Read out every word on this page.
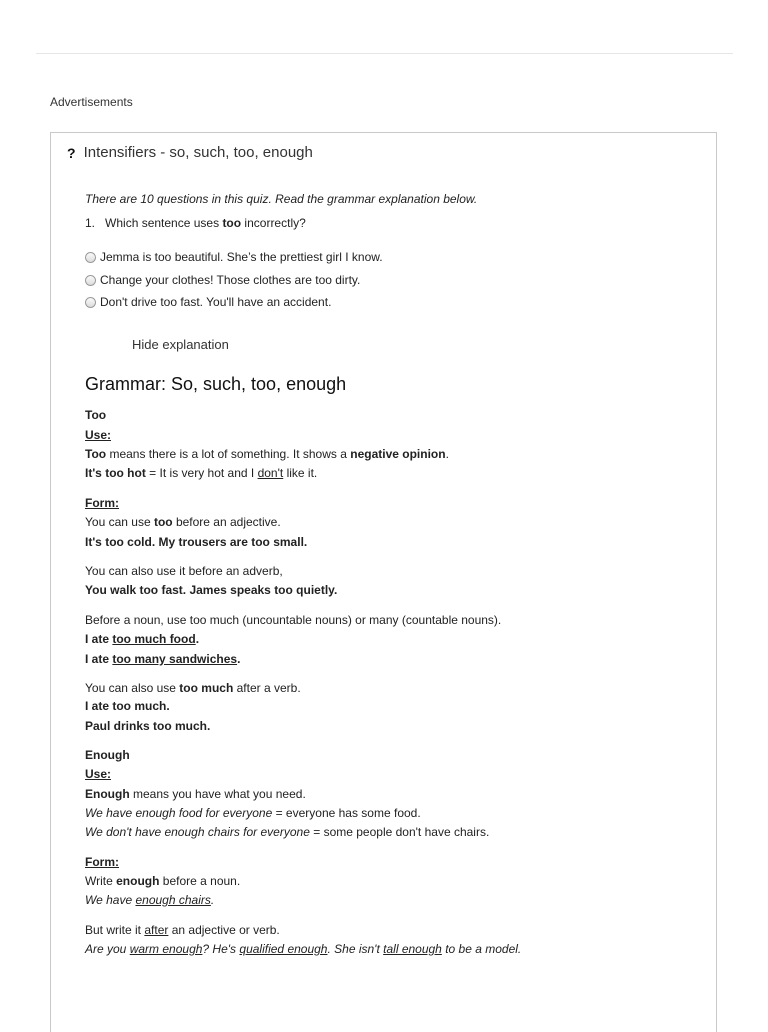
Advertisements
? Intensifiers - so, such, too, enough
There are 10 questions in this quiz. Read the grammar explanation below.
1. Which sentence uses too incorrectly?
Jemma is too beautiful. She’s the prettiest girl I know.
Change your clothes! Those clothes are too dirty.
Don't drive too fast. You'll have an accident.
Hide explanation
Grammar: So, such, too, enough
Too
Use:
Too means there is a lot of something. It shows a negative opinion.
It's too hot = It is very hot and I don't like it.
Form:
You can use too before an adjective.
It's too cold. My trousers are too small.
You can also use it before an adverb,
You walk too fast. James speaks too quietly.
Before a noun, use too much (uncountable nouns) or many (countable nouns).
I ate too much food.
I ate too many sandwiches.
You can also use too much after a verb.
I ate too much.
Paul drinks too much.
Enough
Use:
Enough means you have what you need.
We have enough food for everyone = everyone has some food.
We don't have enough chairs for everyone = some people don't have chairs.
Form:
Write enough before a noun.
We have enough chairs.
But write it after an adjective or verb.
Are you warm enough? He's qualified enough. She isn't tall enough to be a model.
